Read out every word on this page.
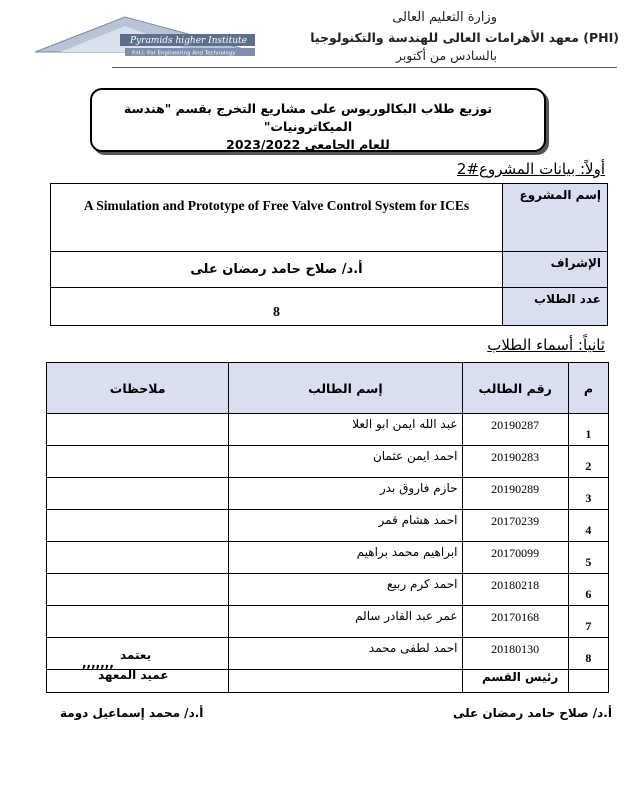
Pyramids higher Institute
P.H.I. For Engineering And Technology
وزارة التعليم العالى
معهد الأهرامات العالى للهندسة والتكنولوجيا (PHI)
بالسادس من أكتوبر
توزيع طلاب البكالوريوس على مشاريع التخرج بقسم "هندسة الميكاترونيات"
للعام الجامعى 2023/2022
أولاً: بيانات المشروع#2
A Simulation and Prototype of Free Valve Control System for ICEs	إسم المشروع
أ.د/ صلاح حامد رمضان على	الإشراف
8	عدد الطلاب
ثانياً: أسماء الطلاب
ملاحظات	إسم الطالب	رقم الطالب	م
	عبد الله ايمن ابو العلا	20190287	1
	احمد ايمن عثمان	20190283	2
	حازم فاروق بدر	20190289	3
	احمد هشام قمر	20170239	4
	ابراهيم محمد براهيم	20170099	5
	احمد كرم ربيع	20180218	6
	عمر عبد القادر سالم	20170168	7
	احمد لطفى محمد	20180130	8

يعتمد
,,,,,,,
عميد المعهد	رئيس القسم
أ.د/ محمد إسماعيل دومة	أ.د/ صلاح حامد رمضان على
